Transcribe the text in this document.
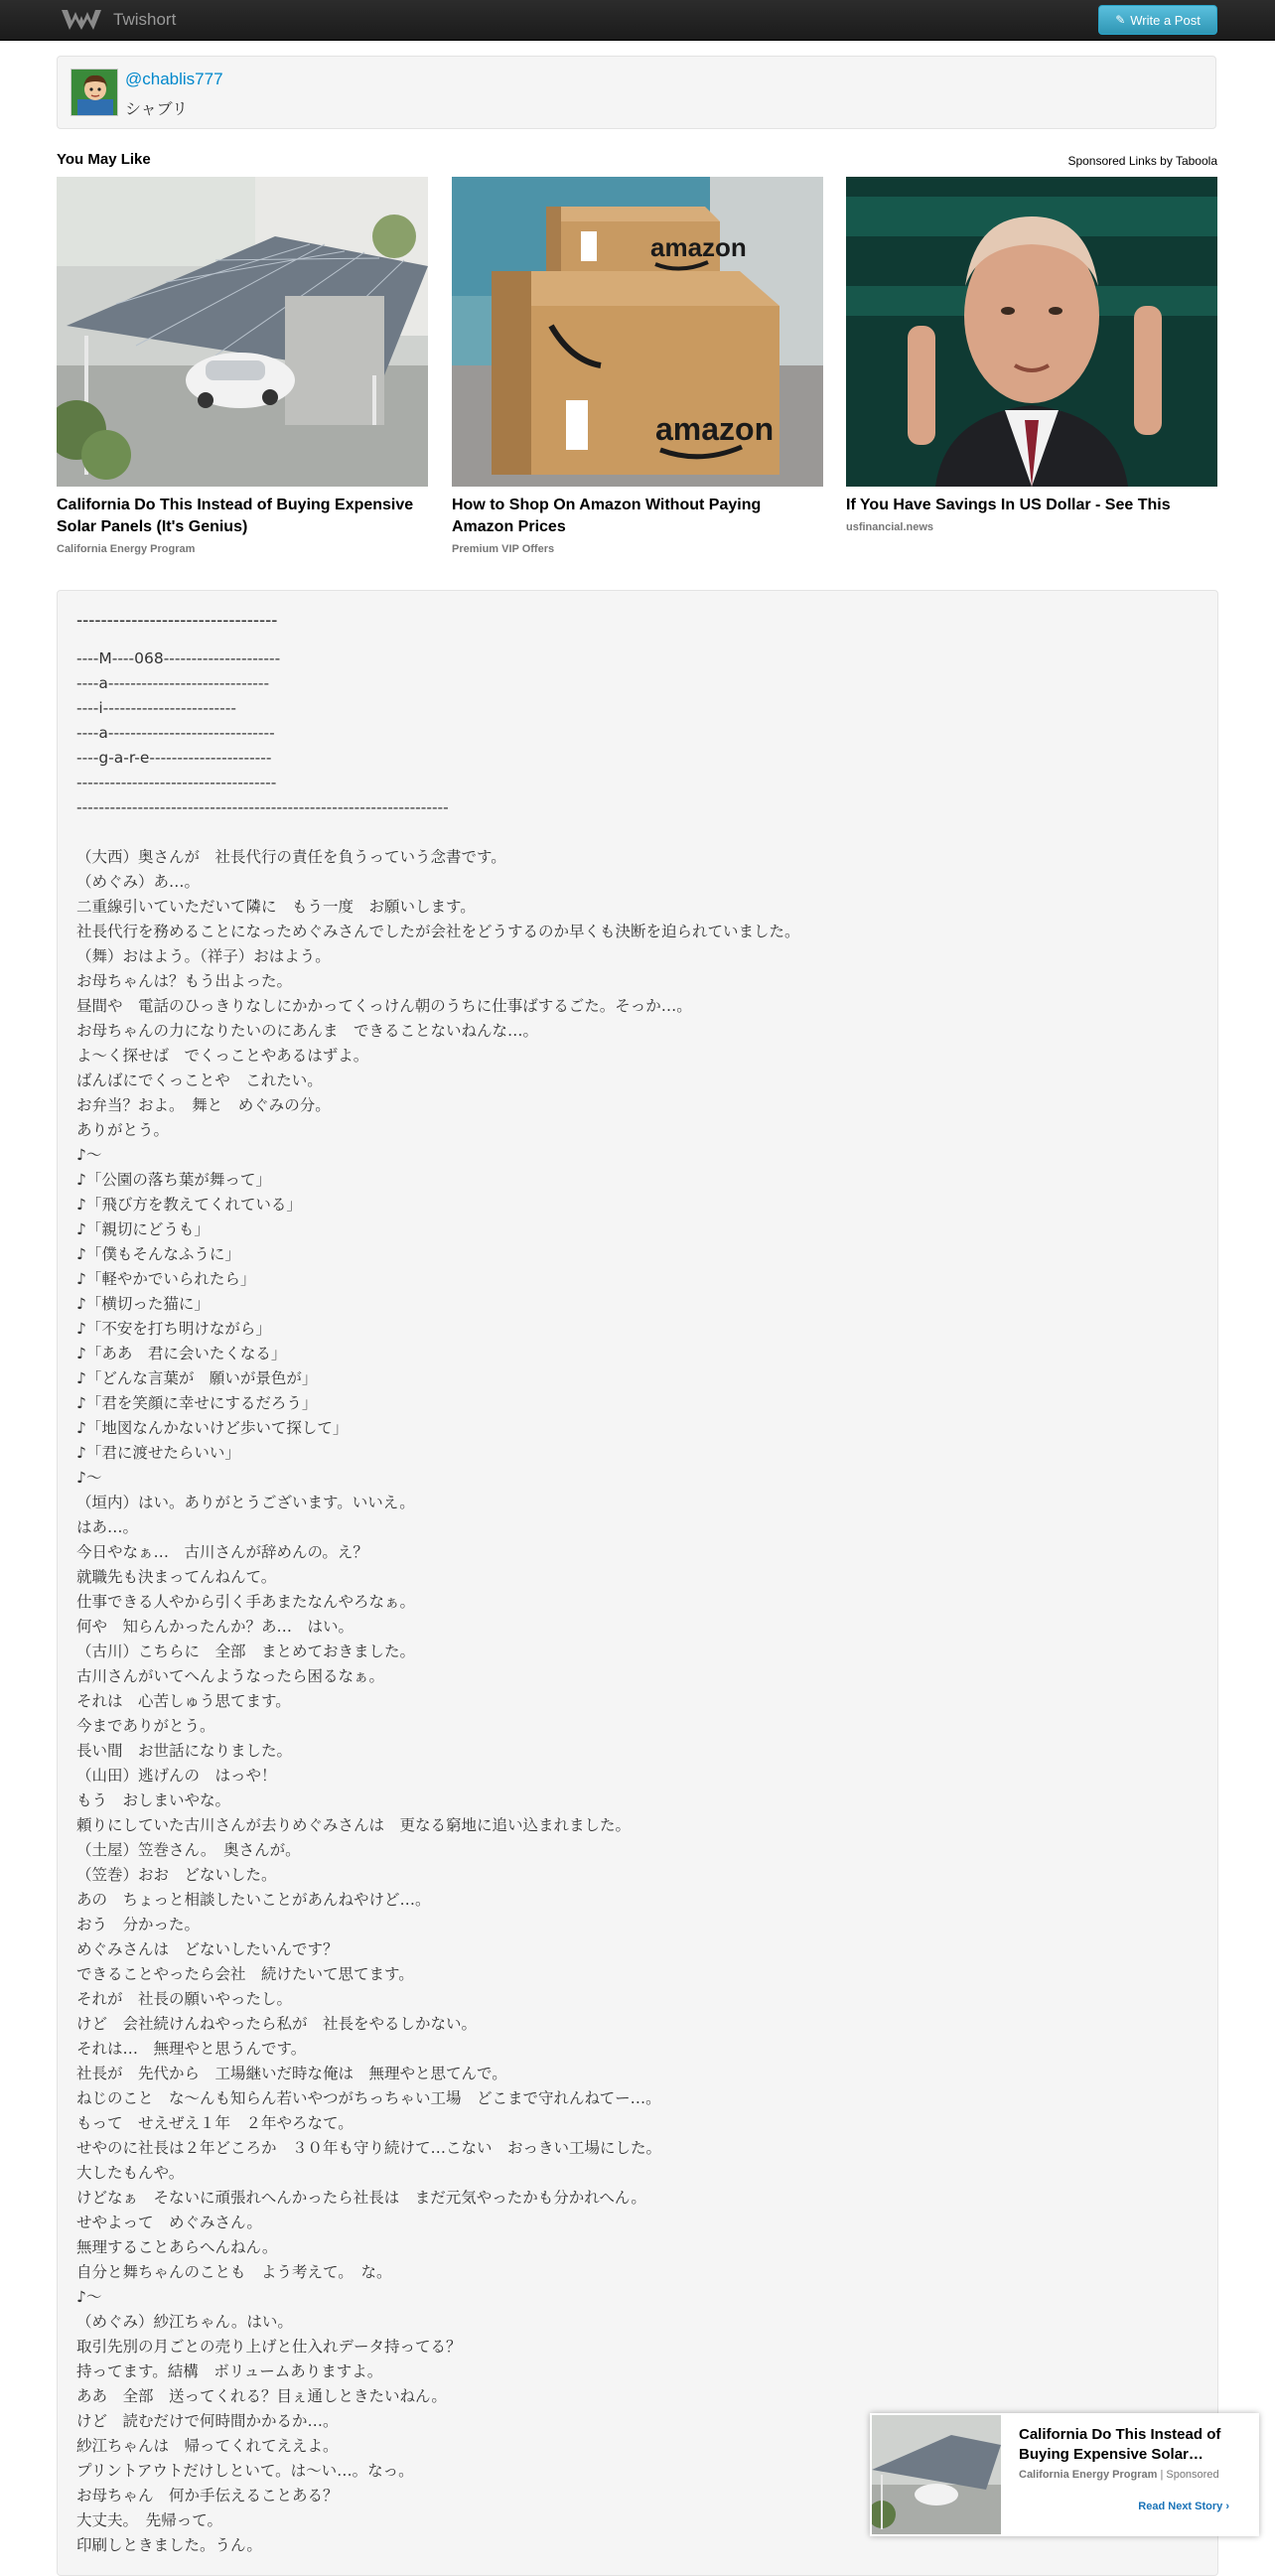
Twishort	✎ Write a Post
@chablis777
シャブリ
You May Like	Sponsored Links by Taboola
California Do This Instead of Buying Expensive Solar Panels (It's Genius)
California Energy Program
amazon
amazon
How to Shop On Amazon Without Paying Amazon Prices
Premium VIP Offers
If You Have Savings In US Dollar - See This
usfinancial.news
---------------------------------
----M----068---------------------
----a-----------------------------
----i------------------------
----a------------------------------
----g-a-r-e----------------------
------------------------------------
-------------------------------------------------------------------
（大西）奥さんが　社長代行の責任を負うっていう念書です。
（めぐみ）あ…。
二重線引いていただいて隣に　もう一度　お願いします。
社長代行を務めることになっためぐみさんでしたが会社をどうするのか早くも決断を迫られていました。
（舞）おはよう。（祥子）おはよう。
お母ちゃんは？もう出よった。
昼間や　電話のひっきりなしにかかってくっけん朝のうちに仕事ばするごた。そっか…。
お母ちゃんの力になりたいのにあんま　できることないねんな…。
よ～く探せば　でくっことやあるはずよ。
ばんばにでくっことや　これたい。
お弁当？およ。　舞と　めぐみの分。
ありがとう。
♪～
♪「公園の落ち葉が舞って」
♪「飛び方を教えてくれている」
♪「親切にどうも」
♪「僕もそんなふうに」
♪「軽やかでいられたら」
♪「横切った猫に」
♪「不安を打ち明けながら」
♪「ああ　君に会いたくなる」
♪「どんな言葉が　願いが景色が」
♪「君を笑顔に幸せにするだろう」
♪「地図なんかないけど歩いて探して」
♪「君に渡せたらいい」
♪～
（垣内）はい。ありがとうございます。いいえ。
はあ…。
今日やなぁ…　古川さんが辞めんの。え？
就職先も決まってんねんて。
仕事できる人やから引く手あまたなんやろなぁ。
何や　知らんかったんか？あ…　はい。
（古川）こちらに　全部　まとめておきました。
古川さんがいてへんようなったら困るなぁ。
それは　心苦しゅう思てます。
今までありがとう。
長い間　お世話になりました。
（山田）逃げんの　はっや！
もう　おしまいやな。
頼りにしていた古川さんが去りめぐみさんは　更なる窮地に追い込まれました。
（土屋）笠巻さん。　奥さんが。
（笠巻）おお　どないした。
あの　ちょっと相談したいことがあんねやけど…。
おう　分かった。
めぐみさんは　どないしたいんです？
できることやったら会社　続けたいて思てます。
それが　社長の願いやったし。
けど　会社続けんねやったら私が　社長をやるしかない。
それは…　無理やと思うんです。
社長が　先代から　工場継いだ時な俺は　無理やと思てんで。
ねじのこと　な～んも知らん若いやつがちっちゃい工場　どこまで守れんねてー…。
もって　せえぜえ１年　２年やろなて。
せやのに社長は２年どころか　３０年も守り続けて…こない　おっきい工場にした。
大したもんや。
けどなぁ　そないに頑張れへんかったら社長は　まだ元気やったかも分かれへん。
せやよって　めぐみさん。
無理することあらへんねん。
自分と舞ちゃんのことも　よう考えて。　な。
♪～
（めぐみ）紗江ちゃん。はい。
取引先別の月ごとの売り上げと仕入れデータ持ってる？
持ってます。結構　ボリュームありますよ。
ああ　全部　送ってくれる？目ぇ通しときたいねん。
けど　読むだけで何時間かかるか…。
紗江ちゃんは　帰ってくれてええよ。
プリントアウトだけしといて。は～い…。なっ。
お母ちゃん　何か手伝えることある？
大丈夫。　先帰って。
印刷しときました。うん。
California Do This Instead of Buying Expensive Solar…
California Energy Program | Sponsored
Read Next Story ›
